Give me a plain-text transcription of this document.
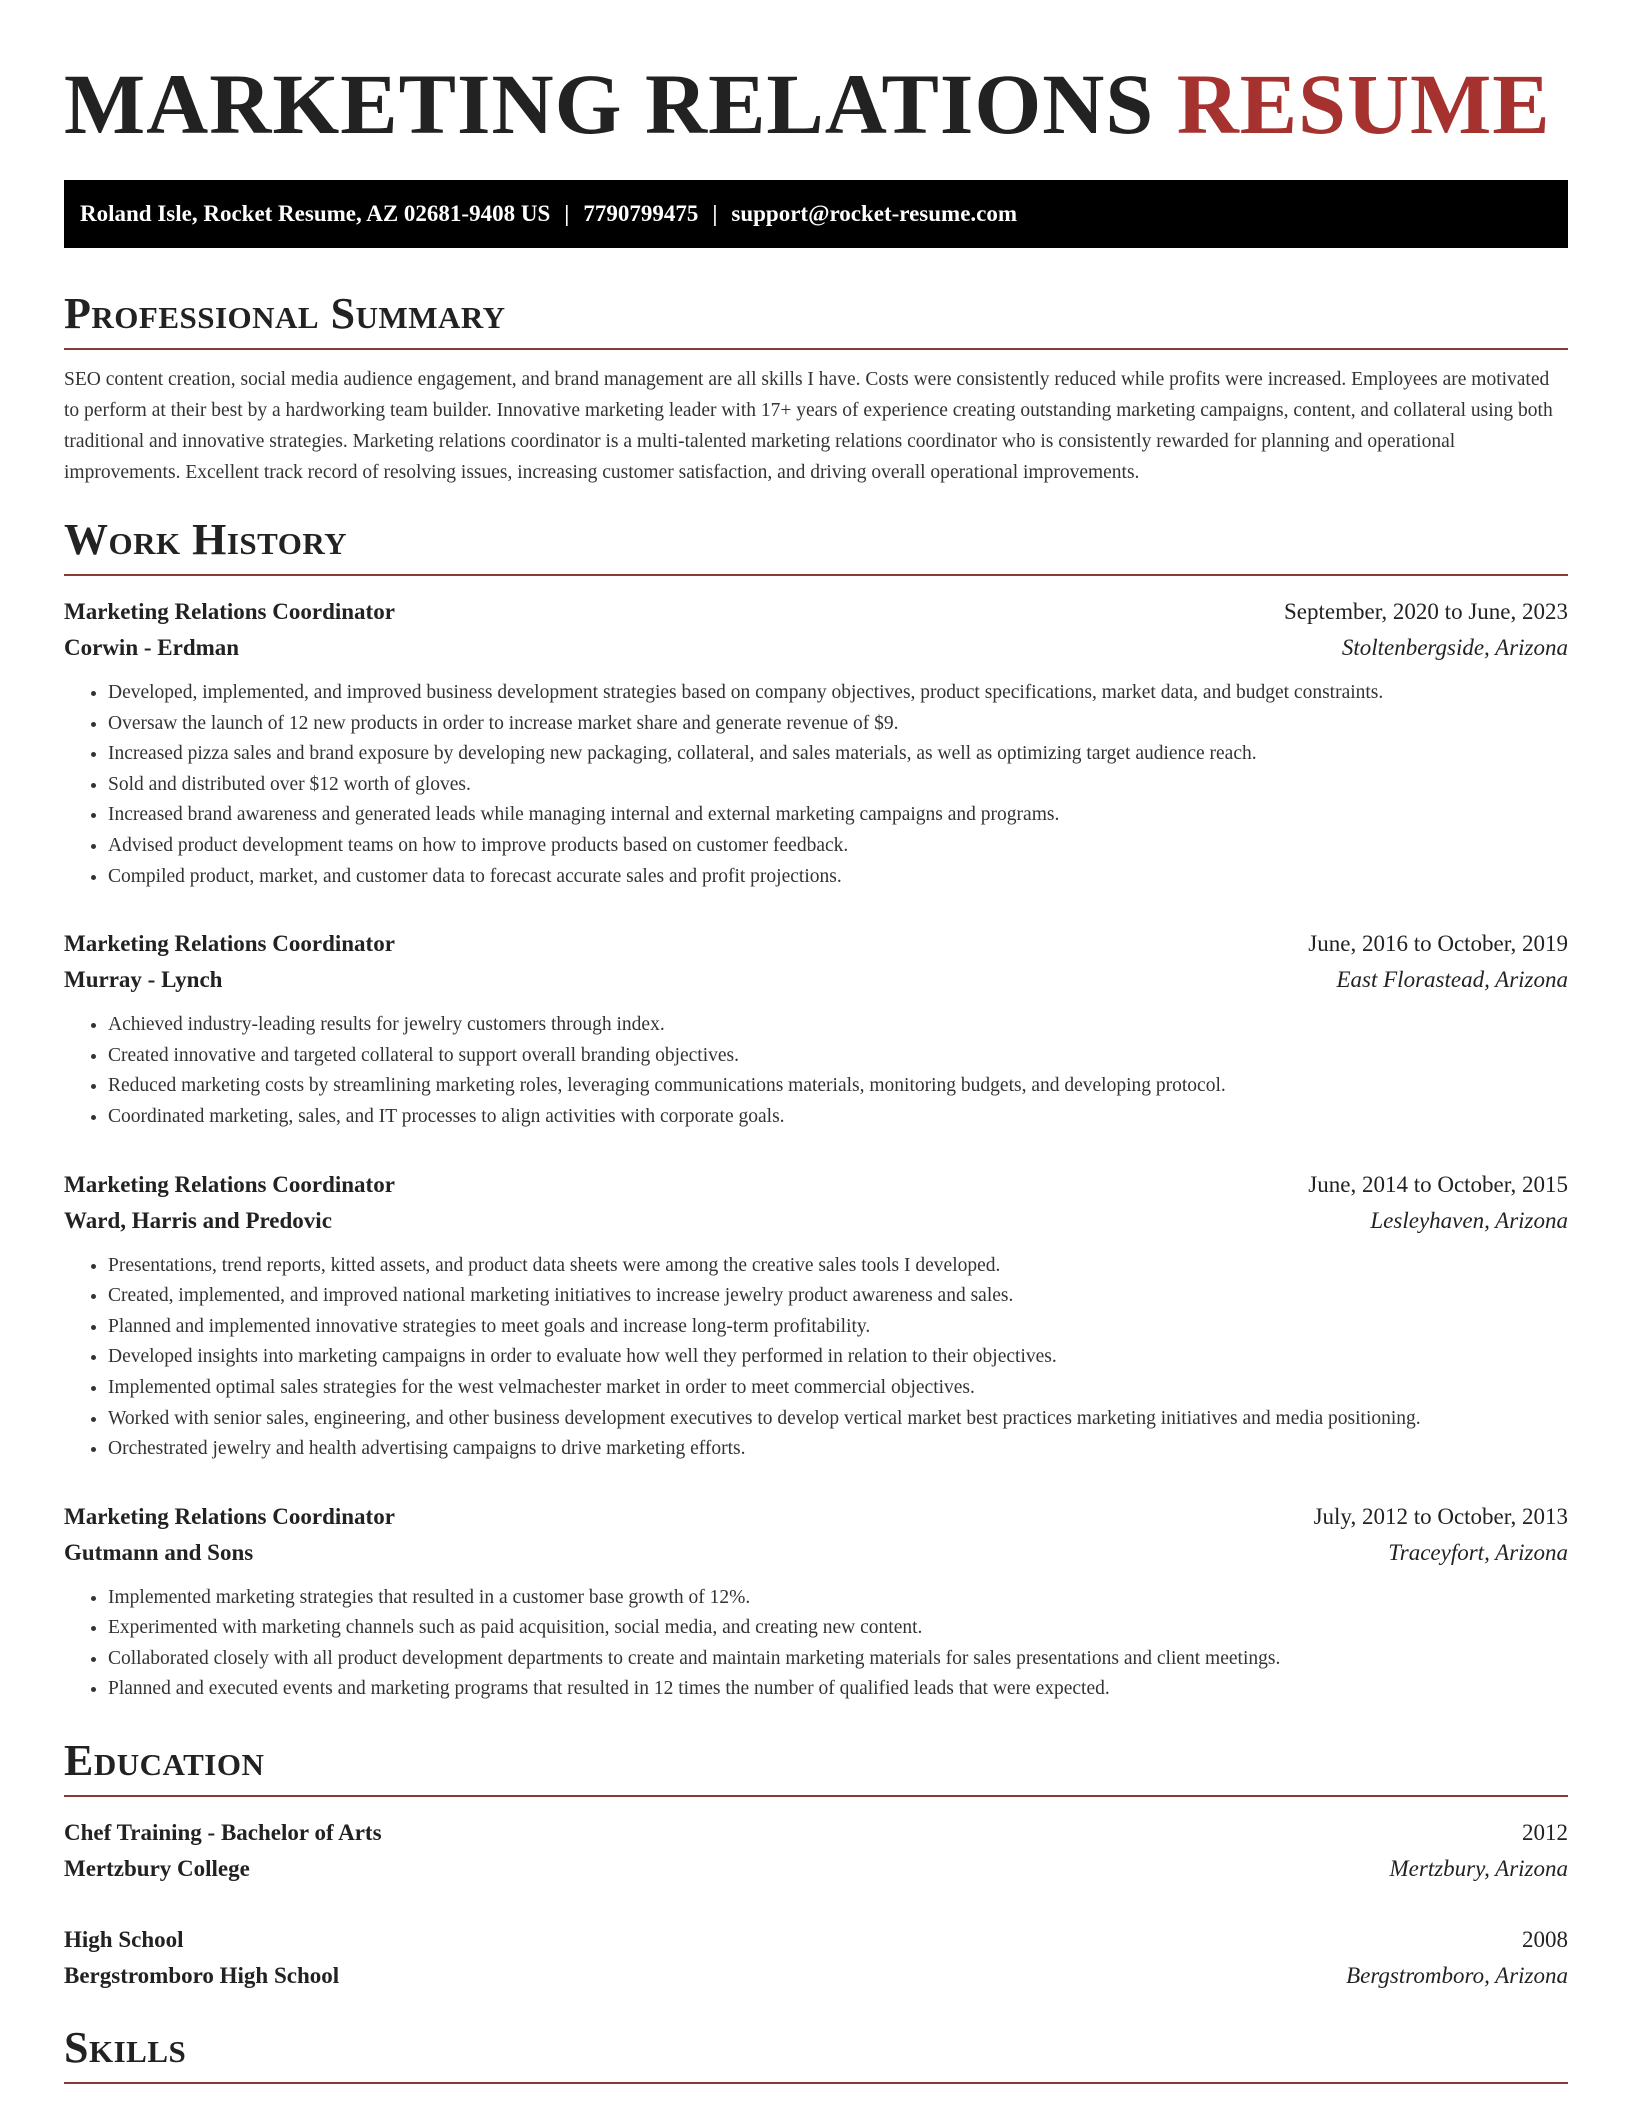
MARKETING RELATIONS RESUME
Roland Isle, Rocket Resume, AZ 02681-9408 US | 7790799475 | support@rocket-resume.com
Professional Summary
SEO content creation, social media audience engagement, and brand management are all skills I have. Costs were consistently reduced while profits were increased. Employees are motivated to perform at their best by a hardworking team builder. Innovative marketing leader with 17+ years of experience creating outstanding marketing campaigns, content, and collateral using both traditional and innovative strategies. Marketing relations coordinator is a multi-talented marketing relations coordinator who is consistently rewarded for planning and operational improvements. Excellent track record of resolving issues, increasing customer satisfaction, and driving overall operational improvements.
Work History
Marketing Relations Coordinator	September, 2020 to June, 2023
Corwin - Erdman	Stoltenbergside, Arizona
• Developed, implemented, and improved business development strategies based on company objectives, product specifications, market data, and budget constraints.
• Oversaw the launch of 12 new products in order to increase market share and generate revenue of $9.
• Increased pizza sales and brand exposure by developing new packaging, collateral, and sales materials, as well as optimizing target audience reach.
• Sold and distributed over $12 worth of gloves.
• Increased brand awareness and generated leads while managing internal and external marketing campaigns and programs.
• Advised product development teams on how to improve products based on customer feedback.
• Compiled product, market, and customer data to forecast accurate sales and profit projections.
Marketing Relations Coordinator	June, 2016 to October, 2019
Murray - Lynch	East Florastead, Arizona
• Achieved industry-leading results for jewelry customers through index.
• Created innovative and targeted collateral to support overall branding objectives.
• Reduced marketing costs by streamlining marketing roles, leveraging communications materials, monitoring budgets, and developing protocol.
• Coordinated marketing, sales, and IT processes to align activities with corporate goals.
Marketing Relations Coordinator	June, 2014 to October, 2015
Ward, Harris and Predovic	Lesleyhaven, Arizona
• Presentations, trend reports, kitted assets, and product data sheets were among the creative sales tools I developed.
• Created, implemented, and improved national marketing initiatives to increase jewelry product awareness and sales.
• Planned and implemented innovative strategies to meet goals and increase long-term profitability.
• Developed insights into marketing campaigns in order to evaluate how well they performed in relation to their objectives.
• Implemented optimal sales strategies for the west velmachester market in order to meet commercial objectives.
• Worked with senior sales, engineering, and other business development executives to develop vertical market best practices marketing initiatives and media positioning.
• Orchestrated jewelry and health advertising campaigns to drive marketing efforts.
Marketing Relations Coordinator	July, 2012 to October, 2013
Gutmann and Sons	Traceyfort, Arizona
• Implemented marketing strategies that resulted in a customer base growth of 12%.
• Experimented with marketing channels such as paid acquisition, social media, and creating new content.
• Collaborated closely with all product development departments to create and maintain marketing materials for sales presentations and client meetings.
• Planned and executed events and marketing programs that resulted in 12 times the number of qualified leads that were expected.
Education
Chef Training - Bachelor of Arts	2012
Mertzbury College	Mertzbury, Arizona
High School	2008
Bergstromboro High School	Bergstromboro, Arizona
Skills
